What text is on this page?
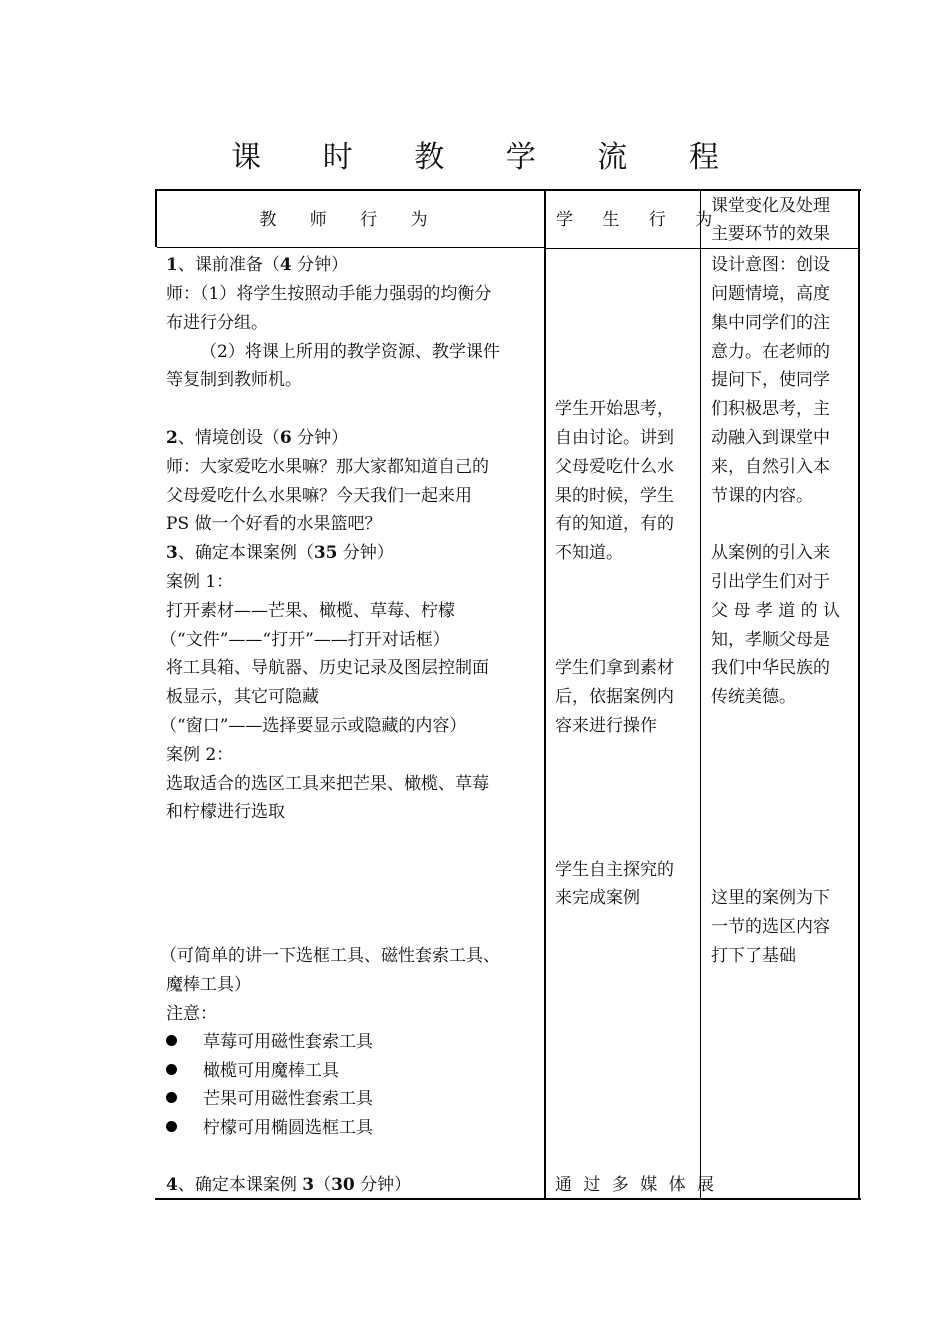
课 时 教 学 流 程
教 师 行 为	学 生 行 为
课堂变化及处理
主要环节的效果
1、课前准备（4 分钟）
师：（1）将学生按照动手能力强弱的均衡分
布进行分组。
（2）将课上所用的教学资源、教学课件
等复制到教师机。
2、情境创设（6 分钟）
师：大家爱吃水果嘛？那大家都知道自己的
父母爱吃什么水果嘛？今天我们一起来用
PS 做一个好看的水果篮吧？
3、确定本课案例（35 分钟）
案例 1：
打开素材——芒果、橄榄、草莓、柠檬
（“文件”——“打开”——打开对话框）
将工具箱、导航器、历史记录及图层控制面
板显示，其它可隐藏
（“窗口”——选择要显示或隐藏的内容）
案例 2：
选取适合的选区工具来把芒果、橄榄、草莓
和柠檬进行选取
（可简单的讲一下选框工具、磁性套索工具、
魔棒工具）
注意：
草莓可用磁性套索工具
橄榄可用魔棒工具
芒果可用磁性套索工具
柠檬可用椭圆选框工具
4、确定本课案例 3（30 分钟）
学生开始思考，
自由讨论。讲到
父母爱吃什么水
果的时候，学生
有的知道，有的
不知道。
学生们拿到素材
后，依据案例内
容来进行操作
学生自主探究的
来完成案例
通 过 多 媒 体 展
设计意图：创设
问题情境，高度
集中同学们的注
意力。在老师的
提问下，使同学
们积极思考，主
动融入到课堂中
来，自然引入本
节课的内容。
从案例的引入来
引出学生们对于
父 母 孝 道 的 认
知，孝顺父母是
我们中华民族的
传统美德。
这里的案例为下
一节的选区内容
打下了基础
